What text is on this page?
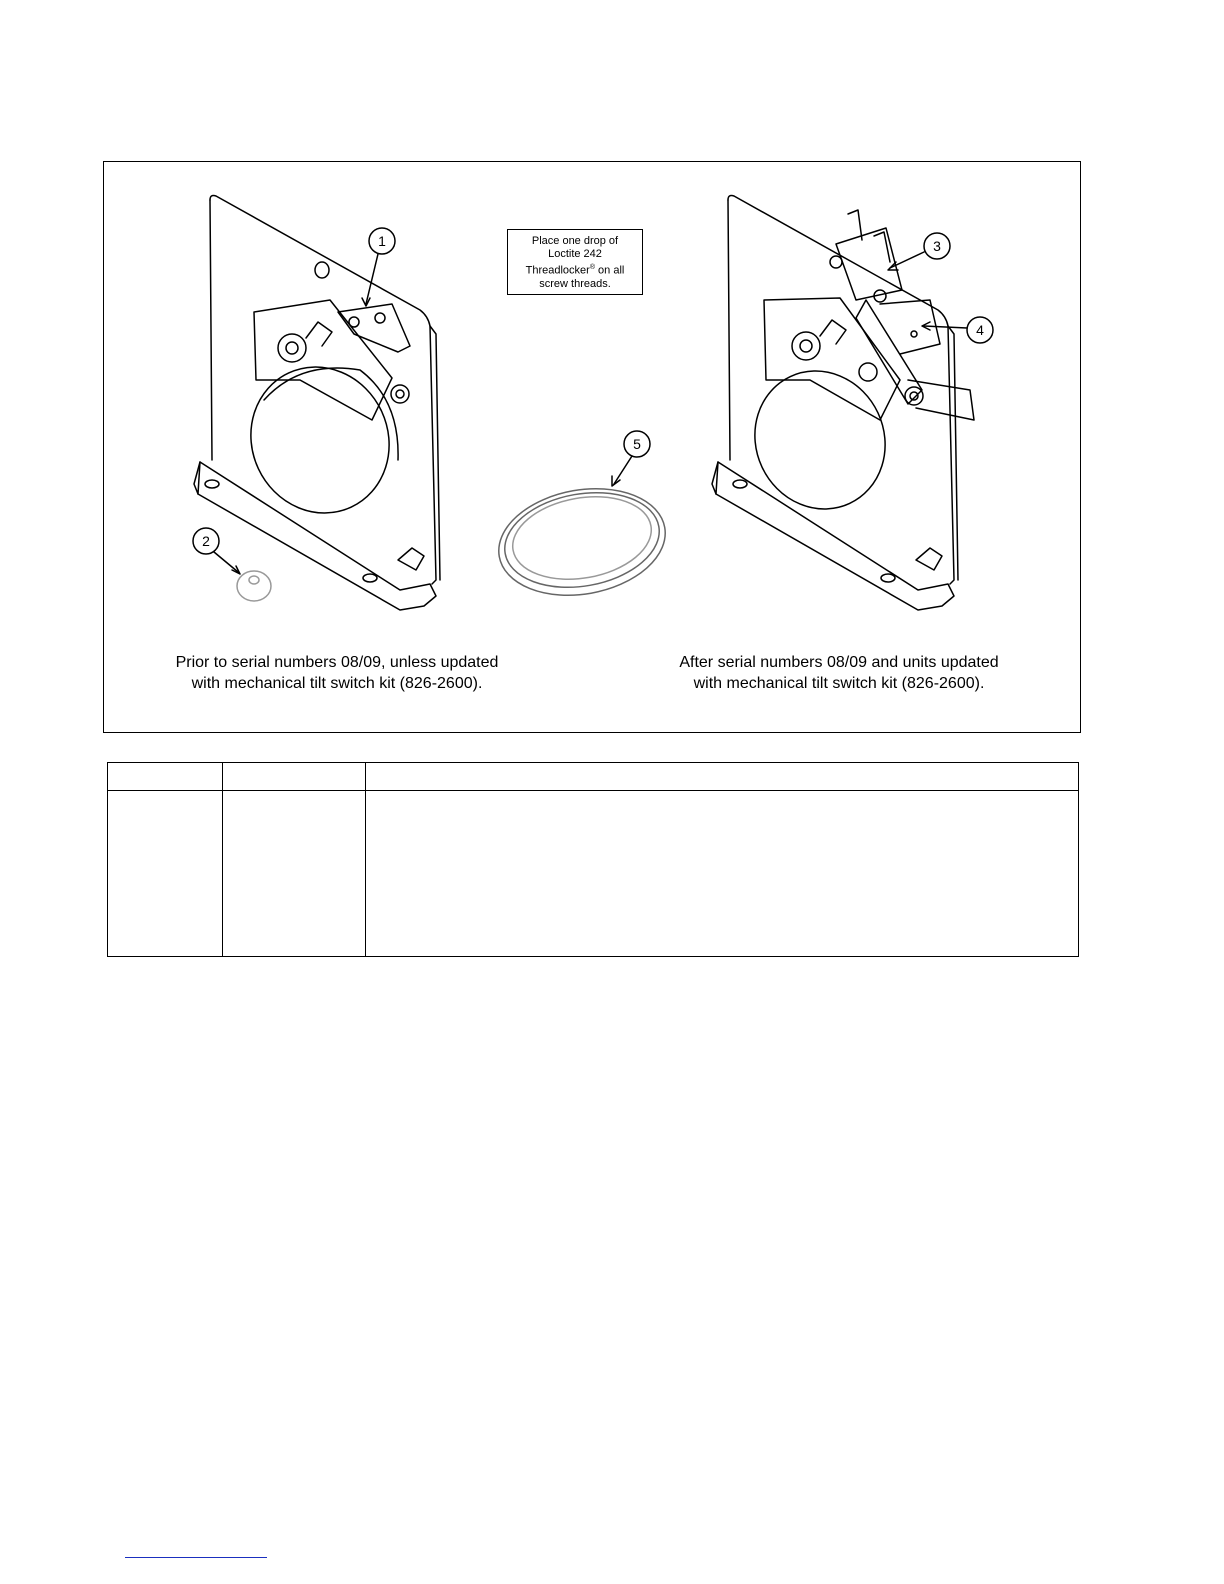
1
2
5
3
4
Place one drop of
Loctite 242
Threadlocker® on all
screw threads.
Prior to serial numbers 08/09, unless updated
with mechanical tilt switch kit (826-2600).
After serial numbers 08/09 and units updated
with mechanical tilt switch kit (826-2600).
